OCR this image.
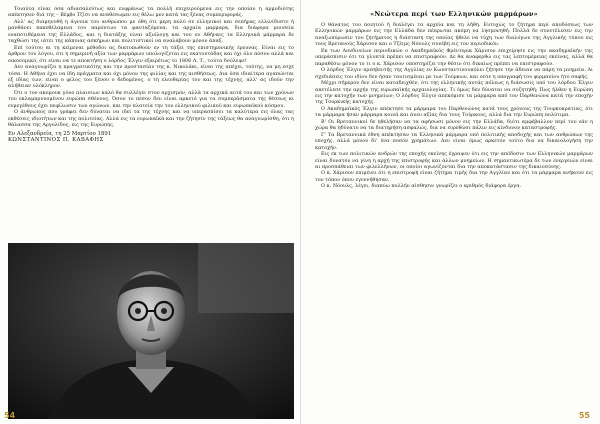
Τοιαύτα είναι όσα αδιασαλεύτως και ευφράνως τα πολλή επιχειρούμενα εις την οποίαν η αρμοδιότης απέκτησεν διά της – Βέμβο Τζίσι να αναθέσωμεν εις θέλω μεν κατά τας ξένας συμπεριφοράς.

Αλλ' ας διαμηνυθή η άγνοια του ανθρώπου με όθη ότι μερη πολύ σε ελληνικοί και σεπήρας ελλινίδυστε ή μανθάνει πακεθέλαμενα του παρόντων τα φανταζόμενα, τα αρχαία μαρμαρα, δια διάφορα μουσεία εναποτιθέμενα της Ελλάδος, και η διατάξης είναι αξιόλογη και του εν Αθήναις τα Ελληνικά μάρμαρα δε ταχθώσι της ιάτει της κάποιας ασκήμων και πολιτιστικοί να αναλάβουν μόνον άπαξ.

Επί τούτου αι τη κείμεναι μέθοδοι ας διατυπωθούν εν τη τάξει της επιστημονικής έρευνας. Είναι εις το άρθρον του λόγου, ότι η σημερινή αξία των μαρμάρων υπολογίζεται εις εκατοντάδας και όχι όλο πόσον αλλά και οικονομικό, ότι είναι να τε αποκτήση ο λόρδος Έλγιν εξαιρέτως το 1806 Λ. Τ., τούτα δούλεψε!

Δεν αναγνωρίζει η πραγματικότης και την προστασίαν της κ. Νικολάκι, είναι της απέχει, τούτης, να μη εσχε τόσα. Η Αθήνα έχει να ίδη πράγματα και όχι μόνον της φιλίας και της αισθήσεως. Δια όσα ιδιαίτερα αγαπώνται εξ ιδίας των, είναι ο φίλος του ξένου ο δεδομένος, ο τη ελευθερίας του και της τέχνης, αλλ' ας ιδούν την αλήθειαν ολόκληρον.

Ότι ο τον ακομουκ γόνο πλαισιων καλό θα συλλέγει στον αρχισμόν, αλλά τα αρχικά αυτά του και των χρόνων του εκλαμπρυνομένου ευρώπα σθένους. Όσον το πεσον δεν είναι αρκετό για τα συμπεράσματα της θέσεως κι ευμεγέθους έχει πεφίλωσιν των αγώνων, και την πλατεία την του ελληνικού φιλικού και ευρωπαϊκού κόσμου.

Ο άνθρωπος που γράφει δεν δύναται να ιδεί τα της τέχνης και να υπερασπίσει τα καλύτερα εις όλας τας εκθέσεις ιδιοτήτων και της πολιτείας. Αλλά εις τα ευρωπαϊκά και την ζήτησίν της τάξεως θα αναγνωρίσθη, ότι η θάλασσα της Αργολίδος, εις της Ευρώπης.

Εν Αλεξανδρεία, τη 25 Μαρτίου 1891
ΚΩΝΣΤΑΝΤΙΝΟΣ Π. ΚΑΒΑΦΗΣ
54
«Νεώτερα περί των Ελληνικών μαρμάρων»

Ο θάνατος του ποιητού ή διαλέγει τα αρχεία και τη λήθη. Ευτυχώς το ζήτημα περί αποδόσεως των Ελληνικών μαρμάρων εις την Ελλάδα δεν πέπρωται ακόμη να λησμονηθή. Πολλά δε συνετέλεσεν εις την αναζωπύρωσιν του ζητήματος η διάσταση της οποίας ήθελε να τύχη των διαλόγων της Αγγλικής τύπου εις τους Βρετανούς Χάρισον και ο Τζέιμς Νόουλς συνέβη εις τον περιοδικόν.

Εκ των Λονδινείων περιοδικών ο Ακαδημαϊκός Φρέντερικ Χάρισον επιχείρησε εις την ακαδημαϊκήν της υπεράσπισιν ότι τα γλυπτά πρέπει να επιστραφούν. Δε θα αναφερθώ εις τας λεπτομέρειας εκείνας, αλλά θα παραθέσω μόνον το τι ο κ. Χάρισον υποστηρίζει την θέσιν ότι δικαίως πρέπει να επιστραφούν.

Ο λόρδος Έλγιν πρεσβευτής της Αγγλίας εν Κωνσταντινουπόλει ζήτησε την άδειαν να πάρη τα μνημεία. Αι σχεδιάσεις του ιδίου δεν ήσαν ταυτισμέναι με των Τούρκων, και ούτε η υπογραφή του φιρμανίου ήτο σαφής.

Μέχρι σήμερον δεν είναι καταδειχθέν, ότι της ελληνικής αυτάς πόλεως η διάσωσις υπό του λόρδου Έλγιν απετέλεσε την αρχήν της ευρωπαϊκής αρχαιολογίας. Τι όμως δεν δύναται να συζητηθή; Πως ήλθεν η Ευρώπη εις την κατοχήν των μνημείων; Ο λόρδος Έλγιν απεκόμισε τα μάρμαρα από τον Παρθενώνα κατά την εποχήν της Τουρκικής κατοχής.

Ο Ακαδημαϊκός Έλγιν απέκτησε τα μάρμαρα του Παρθενώνος κατά τους χρόνους της Τουρκοκρατίας, ότι τα μάρμαρα ήσαν μάρμαρα κοινά και άνευ αξίας δια τους Τούρκους, αλλά δια την Ευρώπη πολύτιμα.

Β' Οι Βρεταννικοί δε ηθελήσαν να τα αφήσωσι μόνον εις την Ελλάδα, διότι αμφέβαλλον περί του εάν η χώρα θα ηδύνατο να τα διατηρήση ασφαλώς, δια να ευρεθώσι πάλιν εις κίνδυνον καταστροφής.

Γ' Τα Βρεταννικά έθνη απέκτησαν τα Ελληνικά μάρμαρα υπό πολιτικής αποδοχής και των ανθρώπων της εποχής, αλλά μόνον δι' ένα ποσόν χρημάτων. Δεν είναι όμως αρκετόν τούτο δια να δικαιολογήση την κατοχήν.

Εις εκ των πολιτικών ανδρών της εποχής εκείνης έγραψεν ότι εις την απόδοσιν των Ελληνικών μαρμάρων είναι δυνατόν να γίνη η αρχή της επιστροφής και άλλων μνημείων. Η σημαντικωτέρα δε των ενεργειών είναι αι προσπάθειαι των φιλελλήνων, οι οποίοι αγωνίζονται δια την αποκατάστασιν της δικαιοσύνης.

Ο κ. Χάρισον επιμένει ότι η επιστροφή είναι ζήτημα τιμής δια την Αγγλίαν και ότι τα μάρμαρα ανήκουν εις τον τόπον όπου εγεννήθησαν.

Ο κ. Νόουλς, λέγει, διαπύω πολλήν αίσθησιν γνωρίζει ο αριθμός διάφορα έργα.

55
